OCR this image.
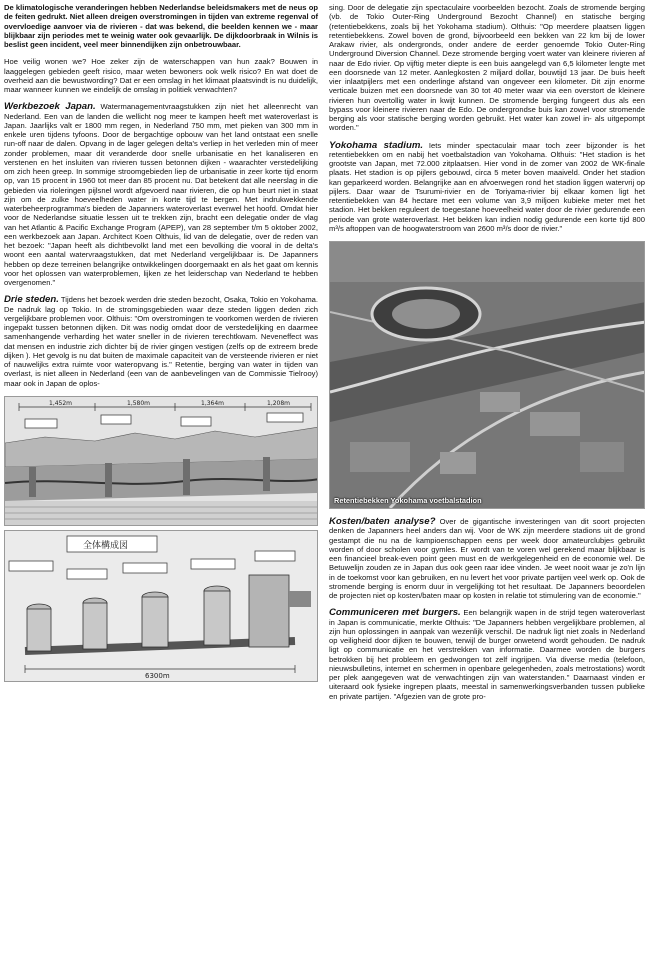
De klimatologische veranderingen hebben Nederlandse beleidsmakers met de neus op de feiten gedrukt. Niet alleen dreigen overstromingen in tijden van extreme regenval of overvloedige aanvoer via de rivieren - dat was bekend, die beelden kennen we - maar blijkbaar zijn periodes met te weinig water ook gevaarlijk. De dijkdoorbraak in Wilnis is beslist geen incident, veel meer binnendijken zijn onbetrouwbaar.

Hoe veilig wonen we? Hoe zeker zijn de waterschappen van hun zaak? Bouwen in laaggelegen gebieden geeft risico, maar weten bewoners ook welk risico? En wat doet de overheid aan die bewustwording? Dat er een omslag in het klimaat plaatsvindt is nu duidelijk, maar wanneer kunnen we eindelijk de omslag in politiek verwachten?

Werkbezoek Japan. Watermanagementvraagstukken zijn niet het alleenrecht van Nederland. Een van de landen die wellicht nog meer te kampen heeft met wateroverlast is Japan. Jaarlijks valt er 1800 mm regen, in Nederland 750 mm, met pieken van 300 mm in enkele uren tijdens tyfoons. Door de bergachtige opbouw van het land ontstaat een snelle run-off naar de dalen. Opvang in de lager gelegen delta's verliep in het verleden min of meer zonder problemen, maar dit veranderde door snelle urbanisatie en het kanaliseren en verstenen en het insluiten van rivieren tussen betonnen dijken - waarachter verstedelijking om zich heen greep. In sommige stroomgebieden liep de urbanisatie in zeer korte tijd enorm op, van 15 procent in 1960 tot meer dan 85 procent nu. Dat betekent dat alle neerslag in die gebieden via rioleringen pijlsnel wordt afgevoerd naar rivieren, die op hun beurt niet in staat zijn om de zulke hoeveelheden water in korte tijd te bergen. Met indrukwekkende waterbeheerprogramma's bieden de Japanners wateroverlast evenwel het hoofd. Omdat hier voor de Nederlandse situatie lessen uit te trekken zijn, bracht een delegatie onder de vlag van het Atlantic & Pacific Exchange Program (APEP), van 28 september t/m 5 oktober 2002, een werkbezoek aan Japan. Architect Koen Olthuis, lid van de delegatie, over de reden van het bezoek: "Japan heeft als dichtbevolkt land met een bevolking die vooral in de delta's woont een aantal watervraagstukken, dat met Nederland vergelijkbaar is. De Japanners hebben op deze terreinen belangrijke ontwikkelingen doorgemaakt en als het gaat om kennis voor het oplossen van waterproblemen, lijken ze het leiderschap van Nederland te hebben overgenomen."

Drie steden. Tijdens het bezoek werden drie steden bezocht, Osaka, Tokio en Yokohama. De nadruk lag op Tokio. In de stromingsgebieden waar deze steden liggen deden zich vergelijkbare problemen voor. Olthuis: "Om overstromingen te voorkomen werden de rivieren ingepakt tussen betonnen dijken. Dit was nodig omdat door de verstedelijking en daarmee samenhangende verharding het water sneller in de rivieren terechtkwam. Neveneffect was dat mensen en industrie zich dichter bij de rivier gingen vestigen (zelfs op de extreem brede dijken ). Het gevolg is nu dat buiten de maximale capaciteit van de versteende rivieren er niet of nauwelijks extra ruimte voor wateropvang is." Retentie, berging van water in tijden van overlast, is niet alleen in Nederland (een van de aanbevelingen van de Commissie Tielrooy) maar ook in Japan de oplos-

1,452m	1,580m	1,364m	1,208m
全体構成図
6300m

sing. Door de delegatie zijn spectaculaire voorbeelden bezocht. Zoals de stromende berging (vb. de Tokio Outer-Ring Underground Bezocht Channel) en statische berging (retentiebekkens, zoals bij het Yokohama stadium). Olthuis: "Op meerdere plaatsen liggen retentiebekkens. Zowel boven de grond, bijvoorbeeld een bekken van 22 km bij de lower Arakaw rivier, als ondergronds, onder andere de eerder genoemde Tokio Outer-Ring Underground Diversion Channel. Deze stromende berging voert water van kleinere rivieren af naar de Edo rivier. Op vijftig meter diepte is een buis aangelegd van 6,5 kilometer lengte met een doorsnede van 12 meter. Aanlegkosten 2 miljard dollar, bouwtijd 13 jaar. De buis heeft vier inlaatpijlers met een onderlinge afstand van ongeveer een kilometer. Dit zijn enorme verticale buizen met een doorsnede van 30 tot 40 meter waar via een overstort de kleinere rivieren hun overtollig water in kwijt kunnen. De stromende berging fungeert dus als een bypass voor kleinere rivieren naar de Edo. De ondergrondse buis kan zowel voor stromende berging als voor statische berging worden gebruikt. Het water kan zowel in- als uitgepompt worden."

Yokohama stadium. Iets minder spectaculair maar toch zeer bijzonder is het retentiebekken om en nabij het voetbalstadion van Yokohama. Olthuis: "Het stadion is het grootste van Japan, met 72.000 zitplaatsen. Hier vond in de zomer van 2002 de WK-finale plaats. Het stadion is op pijlers gebouwd, circa 5 meter boven maaiveld. Onder het stadion kan geparkeerd worden. Belangrijke aan en afvoerwegen rond het stadion liggen watervrij op pijlers. Daar waar de Tsurumi-rivier en de Toriyama-rivier bij elkaar komen ligt het retentiebekken van 84 hectare met een volume van 3,9 miljoen kubieke meter met het stadion. Het bekken reguleert de toegestane hoeveelheid water door de rivier gedurende een periode van grote wateroverlast. Het bekken kan indien nodig gedurende een korte tijd 800 m³/s aftoppen van de hoogwaterstroom van 2600 m³/s door de rivier."

Retentiebekken Yokohama voetbalstadion

Kosten/baten analyse? Over de gigantische investeringen van dit soort projecten denken de Japanners heel anders dan wij. Voor de WK zijn meerdere stadions uit de grond gestampt die nu na de kampioenschappen eens per week door amateurclubjes gebruikt worden of door scholen voor gymles. Er wordt van te voren wel gerekend maar blijkbaar is een financieel break-even point geen must en de werkgelegenheid en de economie wel. De Betuwelijn zouden ze in Japan dus ook geen raar idee vinden. Je weet nooit waar je zo'n lijn in de toekomst voor kan gebruiken, en nu levert het voor private partijen veel werk op. Ook de stromende berging is enorm duur in vergelijking tot het resultaat. De Japanners beoordelen de projecten niet op kosten/baten maar op kosten in relatie tot stimulering van de economie."

Communiceren met burgers. Een belangrijk wapen in de strijd tegen wateroverlast in Japan is communicatie, merkte Olthuis: "De Japanners hebben vergelijkbare problemen, al zijn hun oplossingen in aanpak van wezenlijk verschil. De nadruk ligt niet zoals in Nederland op veiligheid door dijken te bouwen, terwijl de burger onwetend wordt gehouden. De nadruk ligt op communicatie en het verstrekken van informatie. Daarmee worden de burgers betrokken bij het probleem en gedwongen tot zelf ingrijpen. Via diverse media (telefoon, nieuwsbulletins, internet en schermen in openbare gelegenheden, zoals metrostations) wordt per plek aangegeven wat de verwachtingen zijn van waterstanden." Daarnaast vinden er uiteraard ook fysieke ingrepen plaats, meestal in samenwerkingsverbanden tussen publieke en private partijen. "Afgezien van de grote pro-
